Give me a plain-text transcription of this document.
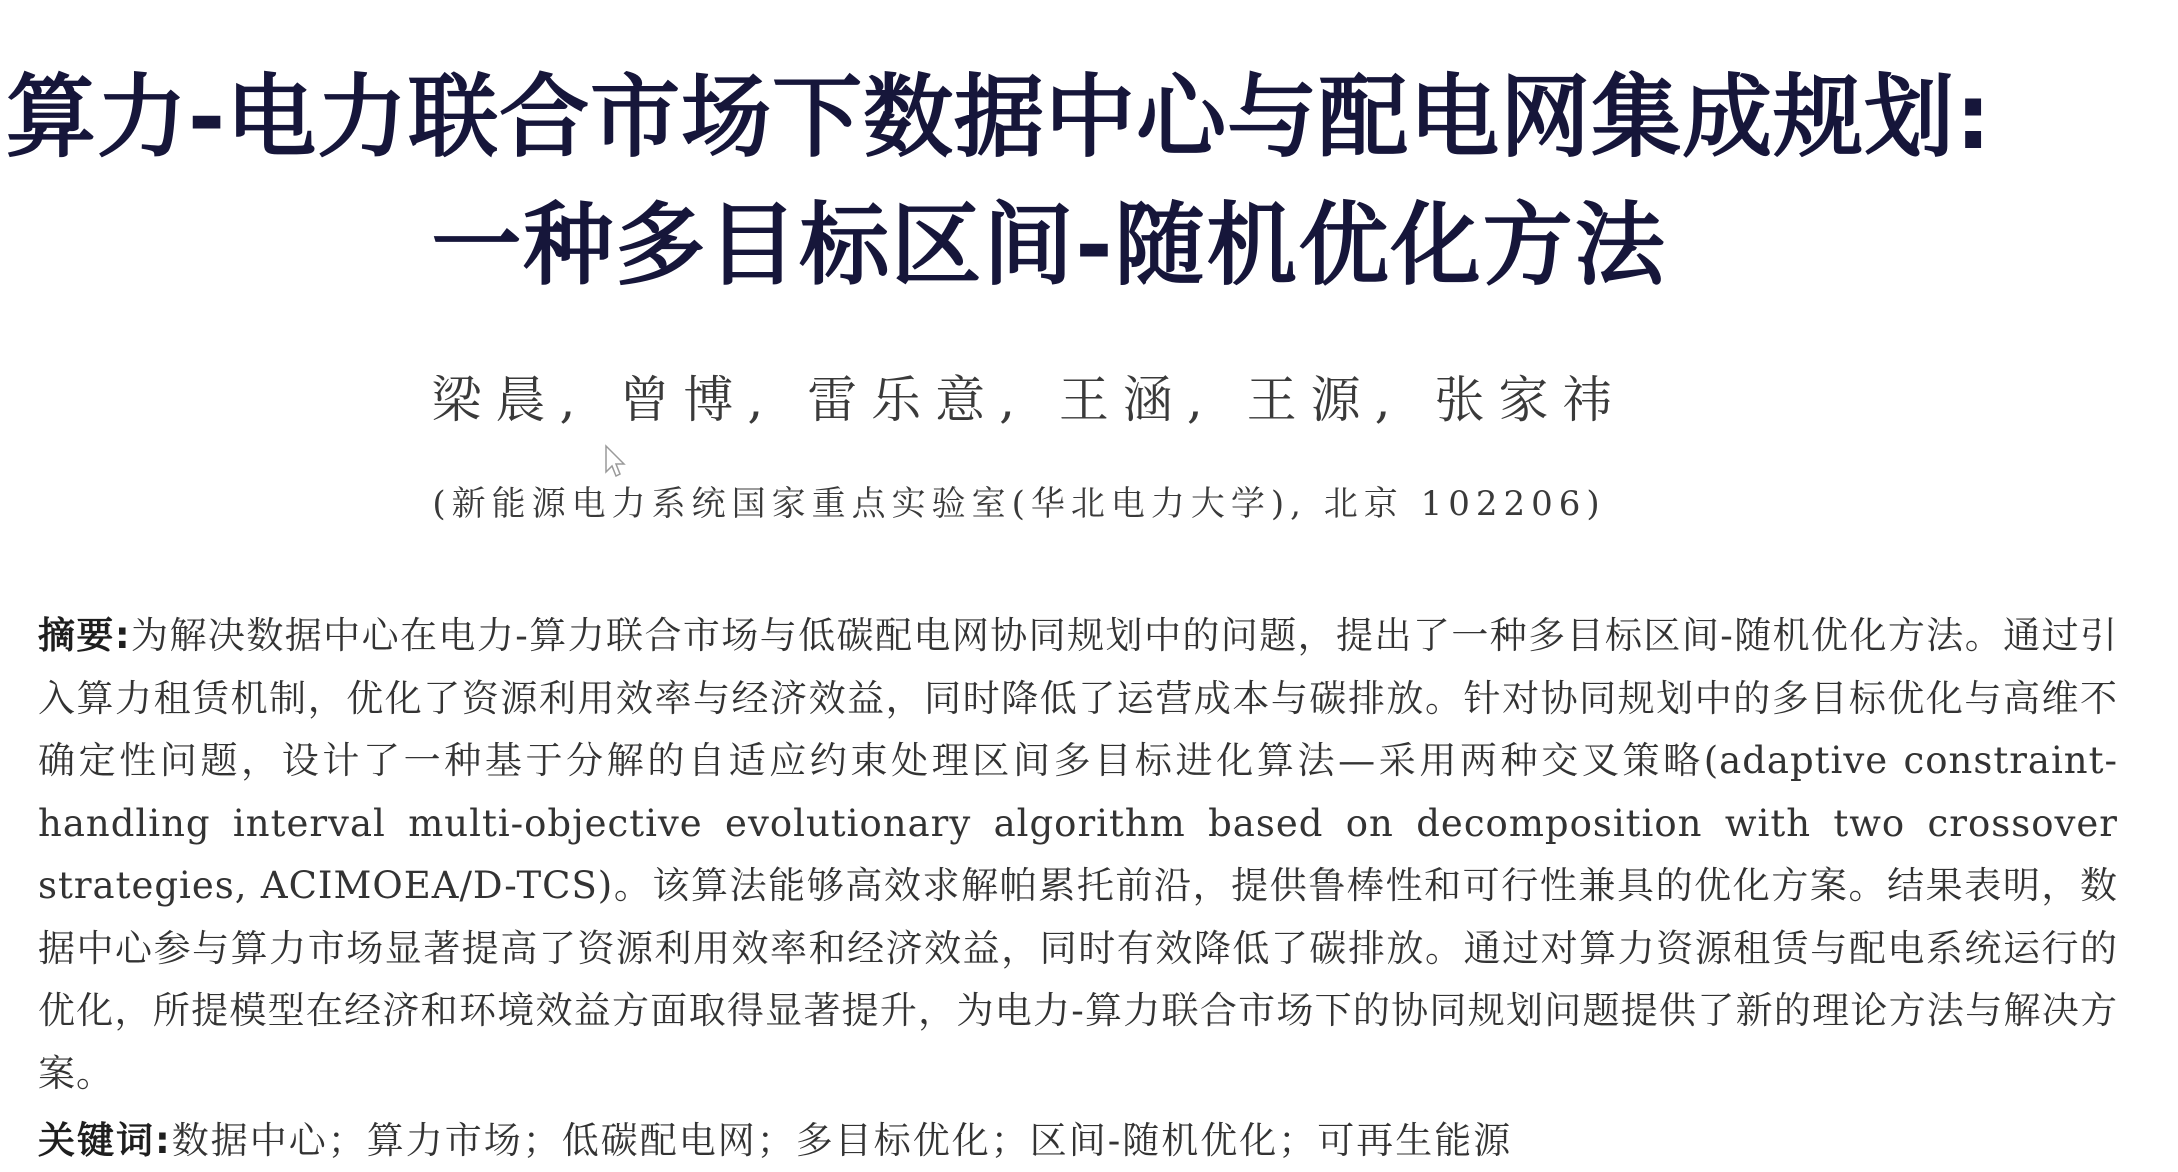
算力-电力联合市场下数据中心与配电网集成规划:
一种多目标区间-随机优化方法
梁晨, 曾博, 雷乐意, 王涵, 王源, 张家祎
(新能源电力系统国家重点实验室(华北电力大学), 北京 102206)
摘要:为解决数据中心在电力-算力联合市场与低碳配电网协同规划中的问题，提出了一种多目标区间-随机优化方法。通过引入算力租赁机制，优化了资源利用效率与经济效益，同时降低了运营成本与碳排放。针对协同规划中的多目标优化与高维不确定性问题，设计了一种基于分解的自适应约束处理区间多目标进化算法—采用两种交叉策略(adaptive constraint-handling interval multi-objective evolutionary algorithm based on decomposition with two crossover strategies, ACIMOEA/D-TCS)。该算法能够高效求解帕累托前沿，提供鲁棒性和可行性兼具的优化方案。结果表明，数据中心参与算力市场显著提高了资源利用效率和经济效益，同时有效降低了碳排放。通过对算力资源租赁与配电系统运行的优化，所提模型在经济和环境效益方面取得显著提升，为电力-算力联合市场下的协同规划问题提供了新的理论方法与解决方案。
关键词:数据中心；算力市场；低碳配电网；多目标优化；区间-随机优化；可再生能源
